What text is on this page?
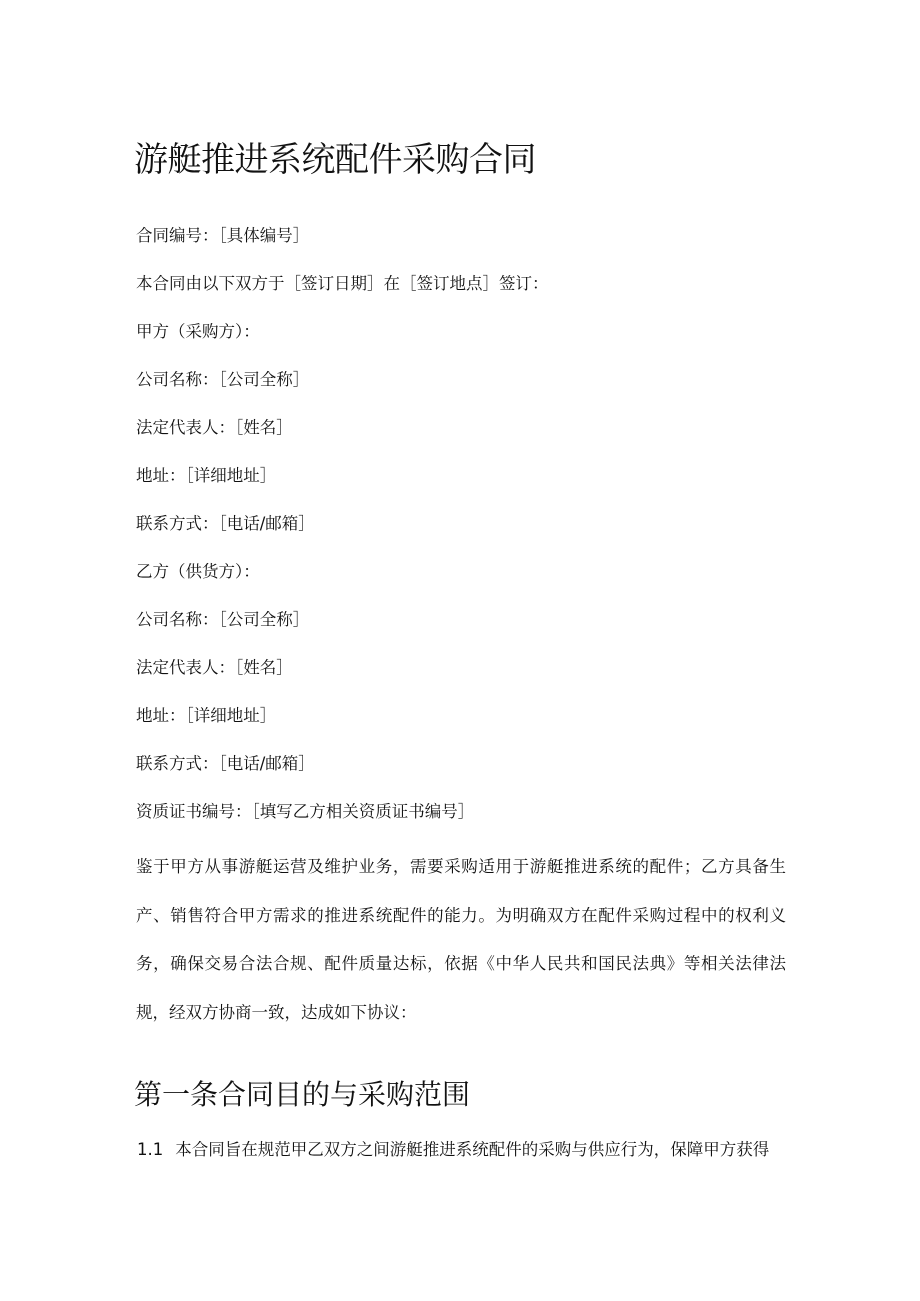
游艇推进系统配件采购合同

合同编号：［具体编号］

本合同由以下双方于［签订日期］在［签订地点］签订：

甲方（采购方）：

公司名称：［公司全称］

法定代表人：［姓名］

地址：［详细地址］

联系方式：［电话/邮箱］

乙方（供货方）：

公司名称：［公司全称］

法定代表人：［姓名］

地址：［详细地址］

联系方式：［电话/邮箱］

资质证书编号：［填写乙方相关资质证书编号］

鉴于甲方从事游艇运营及维护业务，需要采购适用于游艇推进系统的配件；乙方具备生产、销售符合甲方需求的推进系统配件的能力。为明确双方在配件采购过程中的权利义务，确保交易合法合规、配件质量达标，依据《中华人民共和国民法典》等相关法律法规，经双方协商一致，达成如下协议：

第一条合同目的与采购范围

1.1 本合同旨在规范甲乙双方之间游艇推进系统配件的采购与供应行为，保障甲方获得
